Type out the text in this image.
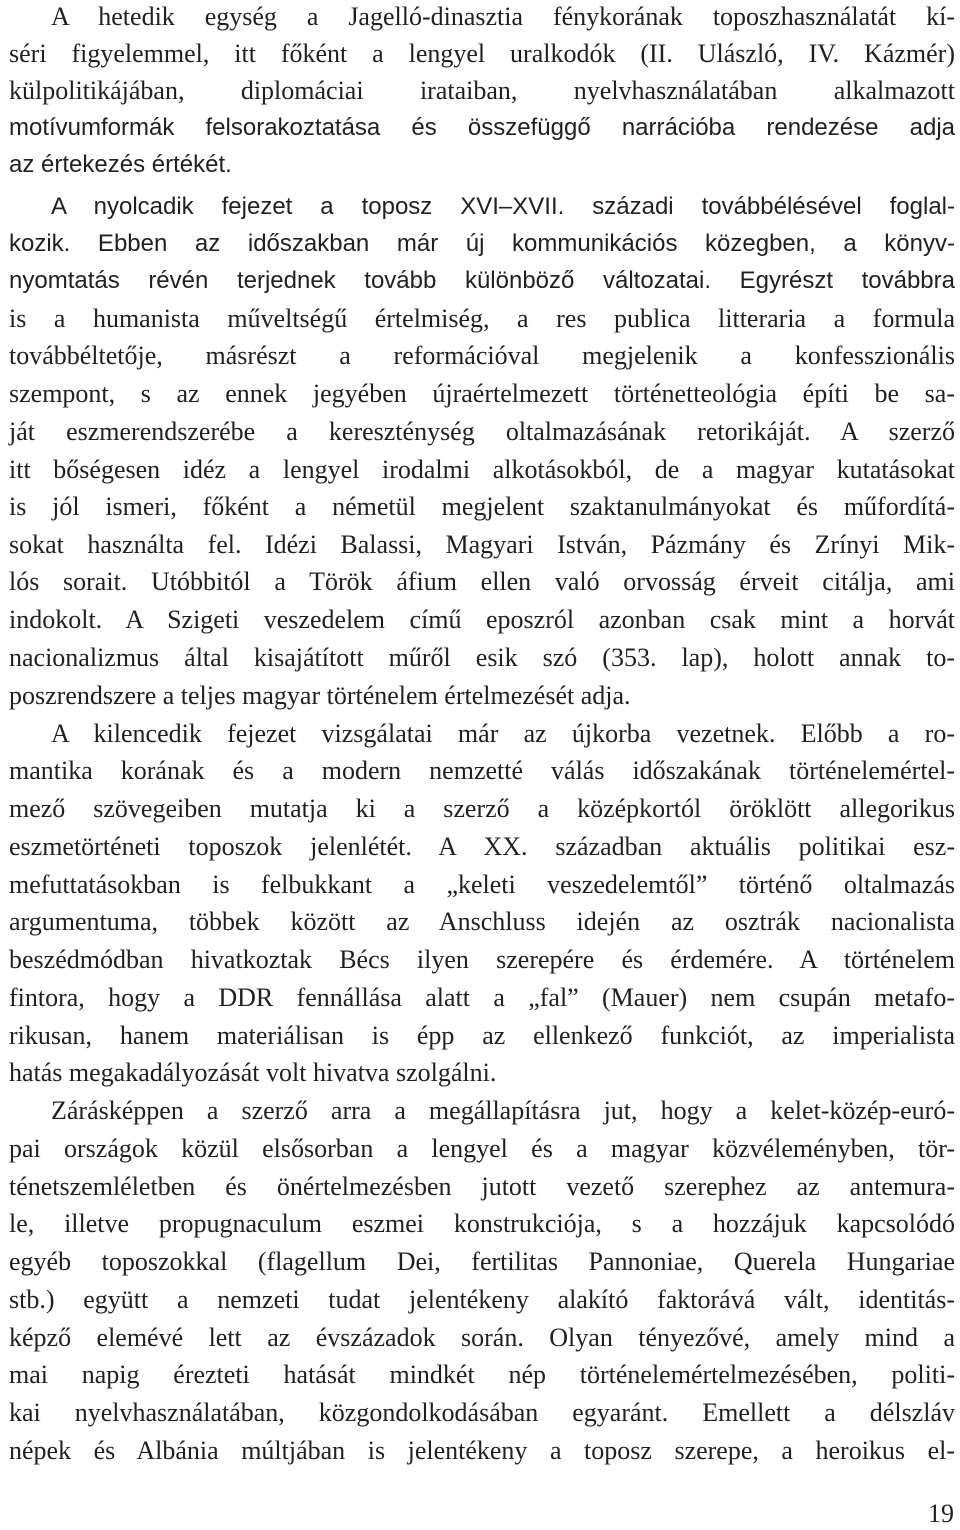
A hetedik egység a Jagelló-dinasztia fénykorának toposzhasználatát kí-
séri figyelemmel, itt főként a lengyel uralkodók (II. Ulászló, IV. Kázmér)
külpolitikájában, diplomáciai irataiban, nyelvhasználatában alkalmazott
motívumformák felsorakoztatása és összefüggő narrációba rendezése adja
az értekezés értékét.
A nyolcadik fejezet a toposz XVI–XVII. századi továbbélésével foglal-
kozik. Ebben az időszakban már új kommunikációs közegben, a könyv-
nyomtatás révén terjednek tovább különböző változatai. Egyrészt továbbra
is a humanista műveltségű értelmiség, a res publica litteraria a formula
továbbéltetője, másrészt a reformációval megjelenik a konfesszionális
szempont, s az ennek jegyében újraértelmezett történetteológia építi be sa-
ját eszmerendszerébe a kereszténység oltalmazásának retorikáját. A szerző
itt bőségesen idéz a lengyel irodalmi alkotásokból, de a magyar kutatásokat
is jól ismeri, főként a németül megjelent szaktanulmányokat és műfordítá-
sokat használta fel. Idézi Balassi, Magyari István, Pázmány és Zrínyi Mik-
lós sorait. Utóbbitól a Török áfium ellen való orvosság érveit citálja, ami
indokolt. A Szigeti veszedelem című eposzról azonban csak mint a horvát
nacionalizmus által kisajátított műről esik szó (353. lap), holott annak to-
poszrendszere a teljes magyar történelem értelmezését adja.
A kilencedik fejezet vizsgálatai már az újkorba vezetnek. Előbb a ro-
mantika korának és a modern nemzetté válás időszakának történelemértel-
mező szövegeiben mutatja ki a szerző a középkortól öröklött allegorikus
eszmetörténeti toposzok jelenlétét. A XX. században aktuális politikai esz-
mefuttatásokban is felbukkant a „keleti veszedelemtől” történő oltalmazás
argumentuma, többek között az Anschluss idején az osztrák nacionalista
beszédmódban hivatkoztak Bécs ilyen szerepére és érdemére. A történelem
fintora, hogy a DDR fennállása alatt a „fal” (Mauer) nem csupán metafo-
rikusan, hanem materiálisan is épp az ellenkező funkciót, az imperialista
hatás megakadályozását volt hivatva szolgálni.
Zárásképpen a szerző arra a megállapításra jut, hogy a kelet-közép-euró-
pai országok közül elsősorban a lengyel és a magyar közvéleményben, tör-
ténetszemléletben és önértelmezésben jutott vezető szerephez az antemura-
le, illetve propugnaculum eszmei konstrukciója, s a hozzájuk kapcsolódó
egyéb toposzokkal (flagellum Dei, fertilitas Pannoniae, Querela Hungariae
stb.) együtt a nemzeti tudat jelentékeny alakító faktorává vált, identitás-
képző elemévé lett az évszázadok során. Olyan tényezővé, amely mind a
mai napig érezteti hatását mindkét nép történelemértelmezésében, politi-
kai nyelvhasználatában, közgondolkodásában egyaránt. Emellett a délszláv
népek és Albánia múltjában is jelentékeny a toposz szerepe, a heroikus el-
19
